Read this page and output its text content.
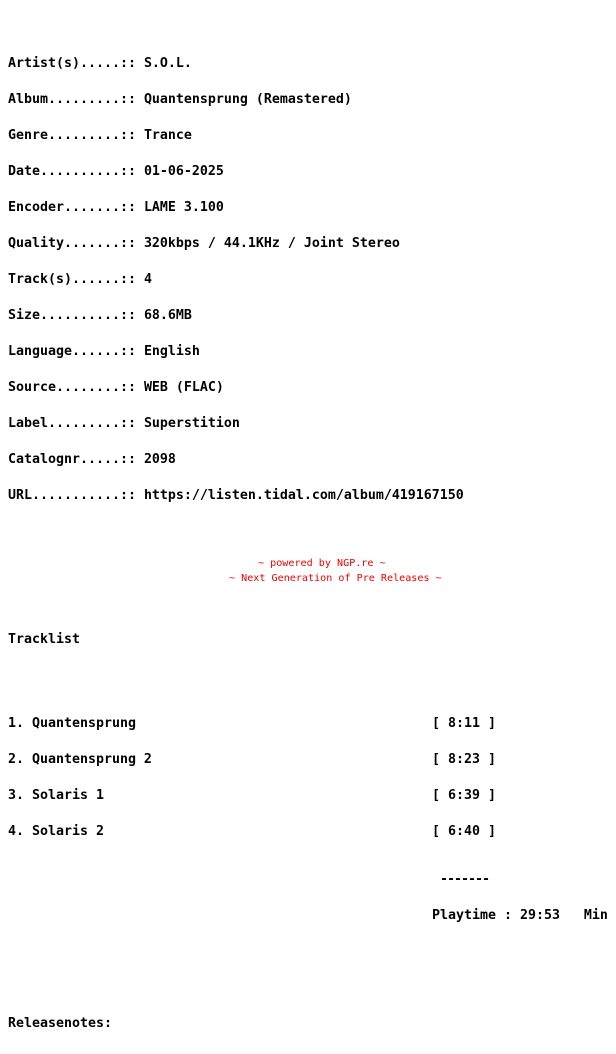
Artist(s).....:: S.O.L.

Album.........:: Quantensprung (Remastered)

Genre.........:: Trance

Date..........:: 01-06-2025

Encoder.......:: LAME 3.100

Quality.......:: 320kbps / 44.1KHz / Joint Stereo

Track(s)......:: 4

Size..........:: 68.6MB

Language......:: English

Source........:: WEB (FLAC)

Label.........:: Superstition

Catalognr.....:: 2098

URL...........:: https://listen.tidal.com/album/419167150

Tracklist

1. Quantensprung	[ 8:11 ]

2. Quantensprung 2	[ 8:23 ]

3. Solaris 1	[ 6:39 ]

4. Solaris 2	[ 6:40 ]

-------

Playtime : 29:53   Min

Releasenotes:

~ powered by NGP.re ~
~ Next Generation of Pre Releases ~
